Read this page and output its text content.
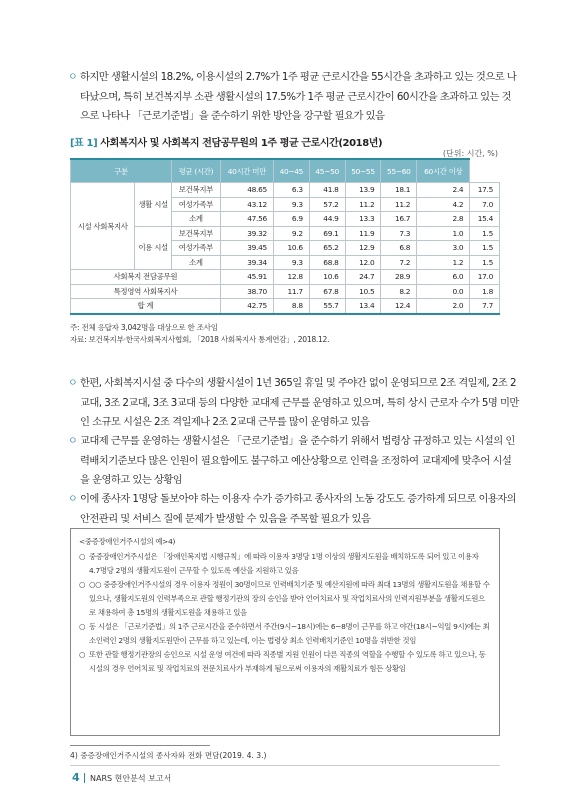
ㅇ 하지만 생활시설의 18.2%, 이용시설의 2.7%가 1주 평균 근로시간을 55시간을 초과하고 있는 것으로 나타났으며, 특히 보건복지부 소관 생활시설의 17.5%가 1주 평균 근로시간이 60시간을 초과하고 있는 것으로 나타나 「근로기준법」을 준수하기 위한 방안을 강구할 필요가 있음
[표 1] 사회복지사 및 사회복지 전담공무원의 1주 평균 근로시간(2018년)
(단위: 시간, %)
구분		평균 (시간)	40시간 미만	40~45	45~50	50~55	55~60	60시간 이상	
시설 사회복지사	생활 시설	보건복지부	48.65	6.3	41.8	13.9	18.1	2.4	17.5
		여성가족부	43.12	9.3	57.2	11.2	11.2	4.2	7.0
		소계	47.56	6.9	44.9	13.3	16.7	2.8	15.4
	이용 시설	보건복지부	39.32	9.2	69.1	11.9	7.3	1.0	1.5
		여성가족부	39.45	10.6	65.2	12.9	6.8	3.0	1.5
		소계	39.34	9.3	68.8	12.0	7.2	1.2	1.5
사회복지 전담공무원			45.91	12.8	10.6	24.7	28.9	6.0	17.0
특정영역 사회복지사			38.70	11.7	67.8	10.5	8.2	0.0	1.8
합 계			42.75	8.8	55.7	13.4	12.4	2.0	7.7
주: 전체 응답자 3,042명을 대상으로 한 조사임
자료: 보건복지부·한국사회복지사협회, 「2018 사회복지사 통계연감」, 2018.12.
ㅇ 한편, 사회복지시설 중 다수의 생활시설이 1년 365일 휴일 및 주야간 없이 운영되므로 2조 격일제, 2조 2교대, 3조 2교대, 3조 3교대 등의 다양한 교대제 근무를 운영하고 있으며, 특히 상시 근로자 수가 5명 미만인 소규모 시설은 2조 격일제나 2조 2교대 근무를 많이 운영하고 있음
ㅇ 교대제 근무를 운영하는 생활시설은 「근로기준법」을 준수하기 위해서 법령상 규정하고 있는 시설의 인력배치기준보다 많은 인원이 필요함에도 불구하고 예산상황으로 인력을 조정하여 교대제에 맞추어 시설을 운영하고 있는 상황임
ㅇ 이에 종사자 1명당 돌보아야 하는 이용자 수가 증가하고 종사자의 노동 강도도 증가하게 되므로 이용자의 안전관리 및 서비스 질에 문제가 발생할 수 있음을 주목할 필요가 있음
<중증장애인거주시설의 예>4)
○ 중증장애인거주시설은 「장애인복지법 시행규칙」에 따라 이용자 3명당 1명 이상의 생활지도원을 배치하도록 되어 있고 이용자 4.7명당 2명의 생활지도원이 근무할 수 있도록 예산을 지원하고 있음
○ ○○ 중증장애인거주시설의 경우 이용자 정원이 30명이므로 인력배치기준 및 예산지원에 따라 최대 13명의 생활지도원을 채용할 수 있으나, 생활지도원의 인력부족으로 관할 행정기관의 장의 승인을 받아 언어치료사 및 작업치료사의 인력지원부분을 생활지도원으로 채용하여 총 15명의 생활지도원을 채용하고 있음
○ 동 시설은 「근로기준법」의 1주 근로시간을 준수하면서 주간(9시~18시)에는 6~8명이 근무를 하고 야간(18시~익일 9시)에는 최소인력인 2명의 생활지도원만이 근무를 하고 있는데, 이는 법령상 최소 인력배치기준인 10명을 위반한 것임
○ 또한 관할 행정기관장의 승인으로 시설 운영 여건에 따라 직종별 지원 인원이 다른 직종의 역할을 수행할 수 있도록 하고 있으나, 동 시설의 경우 언어치료 및 작업치료의 전문치료사가 부재하게 됨으로써 이용자의 재활치료가 힘든 상황임
4) 중증장애인거주시설의 종사자와 전화 면담(2019. 4. 3.)
4 NARS 현안분석 보고서
